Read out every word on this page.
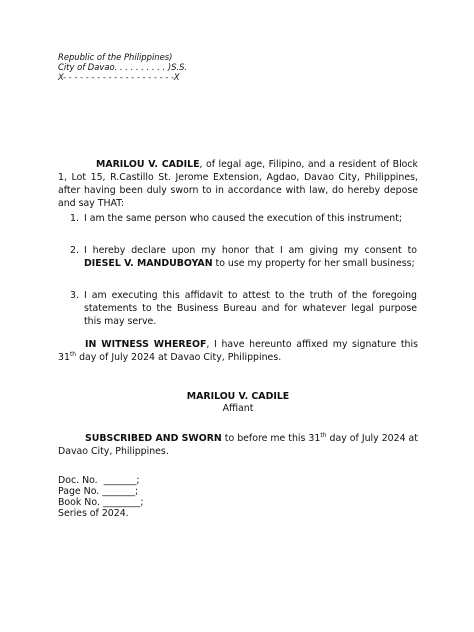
Republic of the Philippines)
City of Davao. . . . . . . . . . )S.S.
X- - - - - - - - - - - - - - - - - - - -X
MARILOU V. CADILE, of legal age, Filipino, and a resident of Block 1, Lot 15, R.Castillo St. Jerome Extension, Agdao, Davao City, Philippines, after having been duly sworn to in accordance with law, do hereby depose and say THAT:
1. I am the same person who caused the execution of this instrument;
2. I hereby declare upon my honor that I am giving my consent to DIESEL V. MANDUBOYAN to use my property for her small business;
3. I am executing this affidavit to attest to the truth of the foregoing statements to the Business Bureau and for whatever legal purpose this may serve.
IN WITNESS WHEREOF, I have hereunto affixed my signature this 31th day of July 2024 at Davao City, Philippines.
MARILOU V. CADILE
Affiant
SUBSCRIBED AND SWORN to before me this 31th day of July 2024 at Davao City, Philippines.
Doc. No.  _______;
Page No. _______;
Book No. ________;
Series of 2024.
